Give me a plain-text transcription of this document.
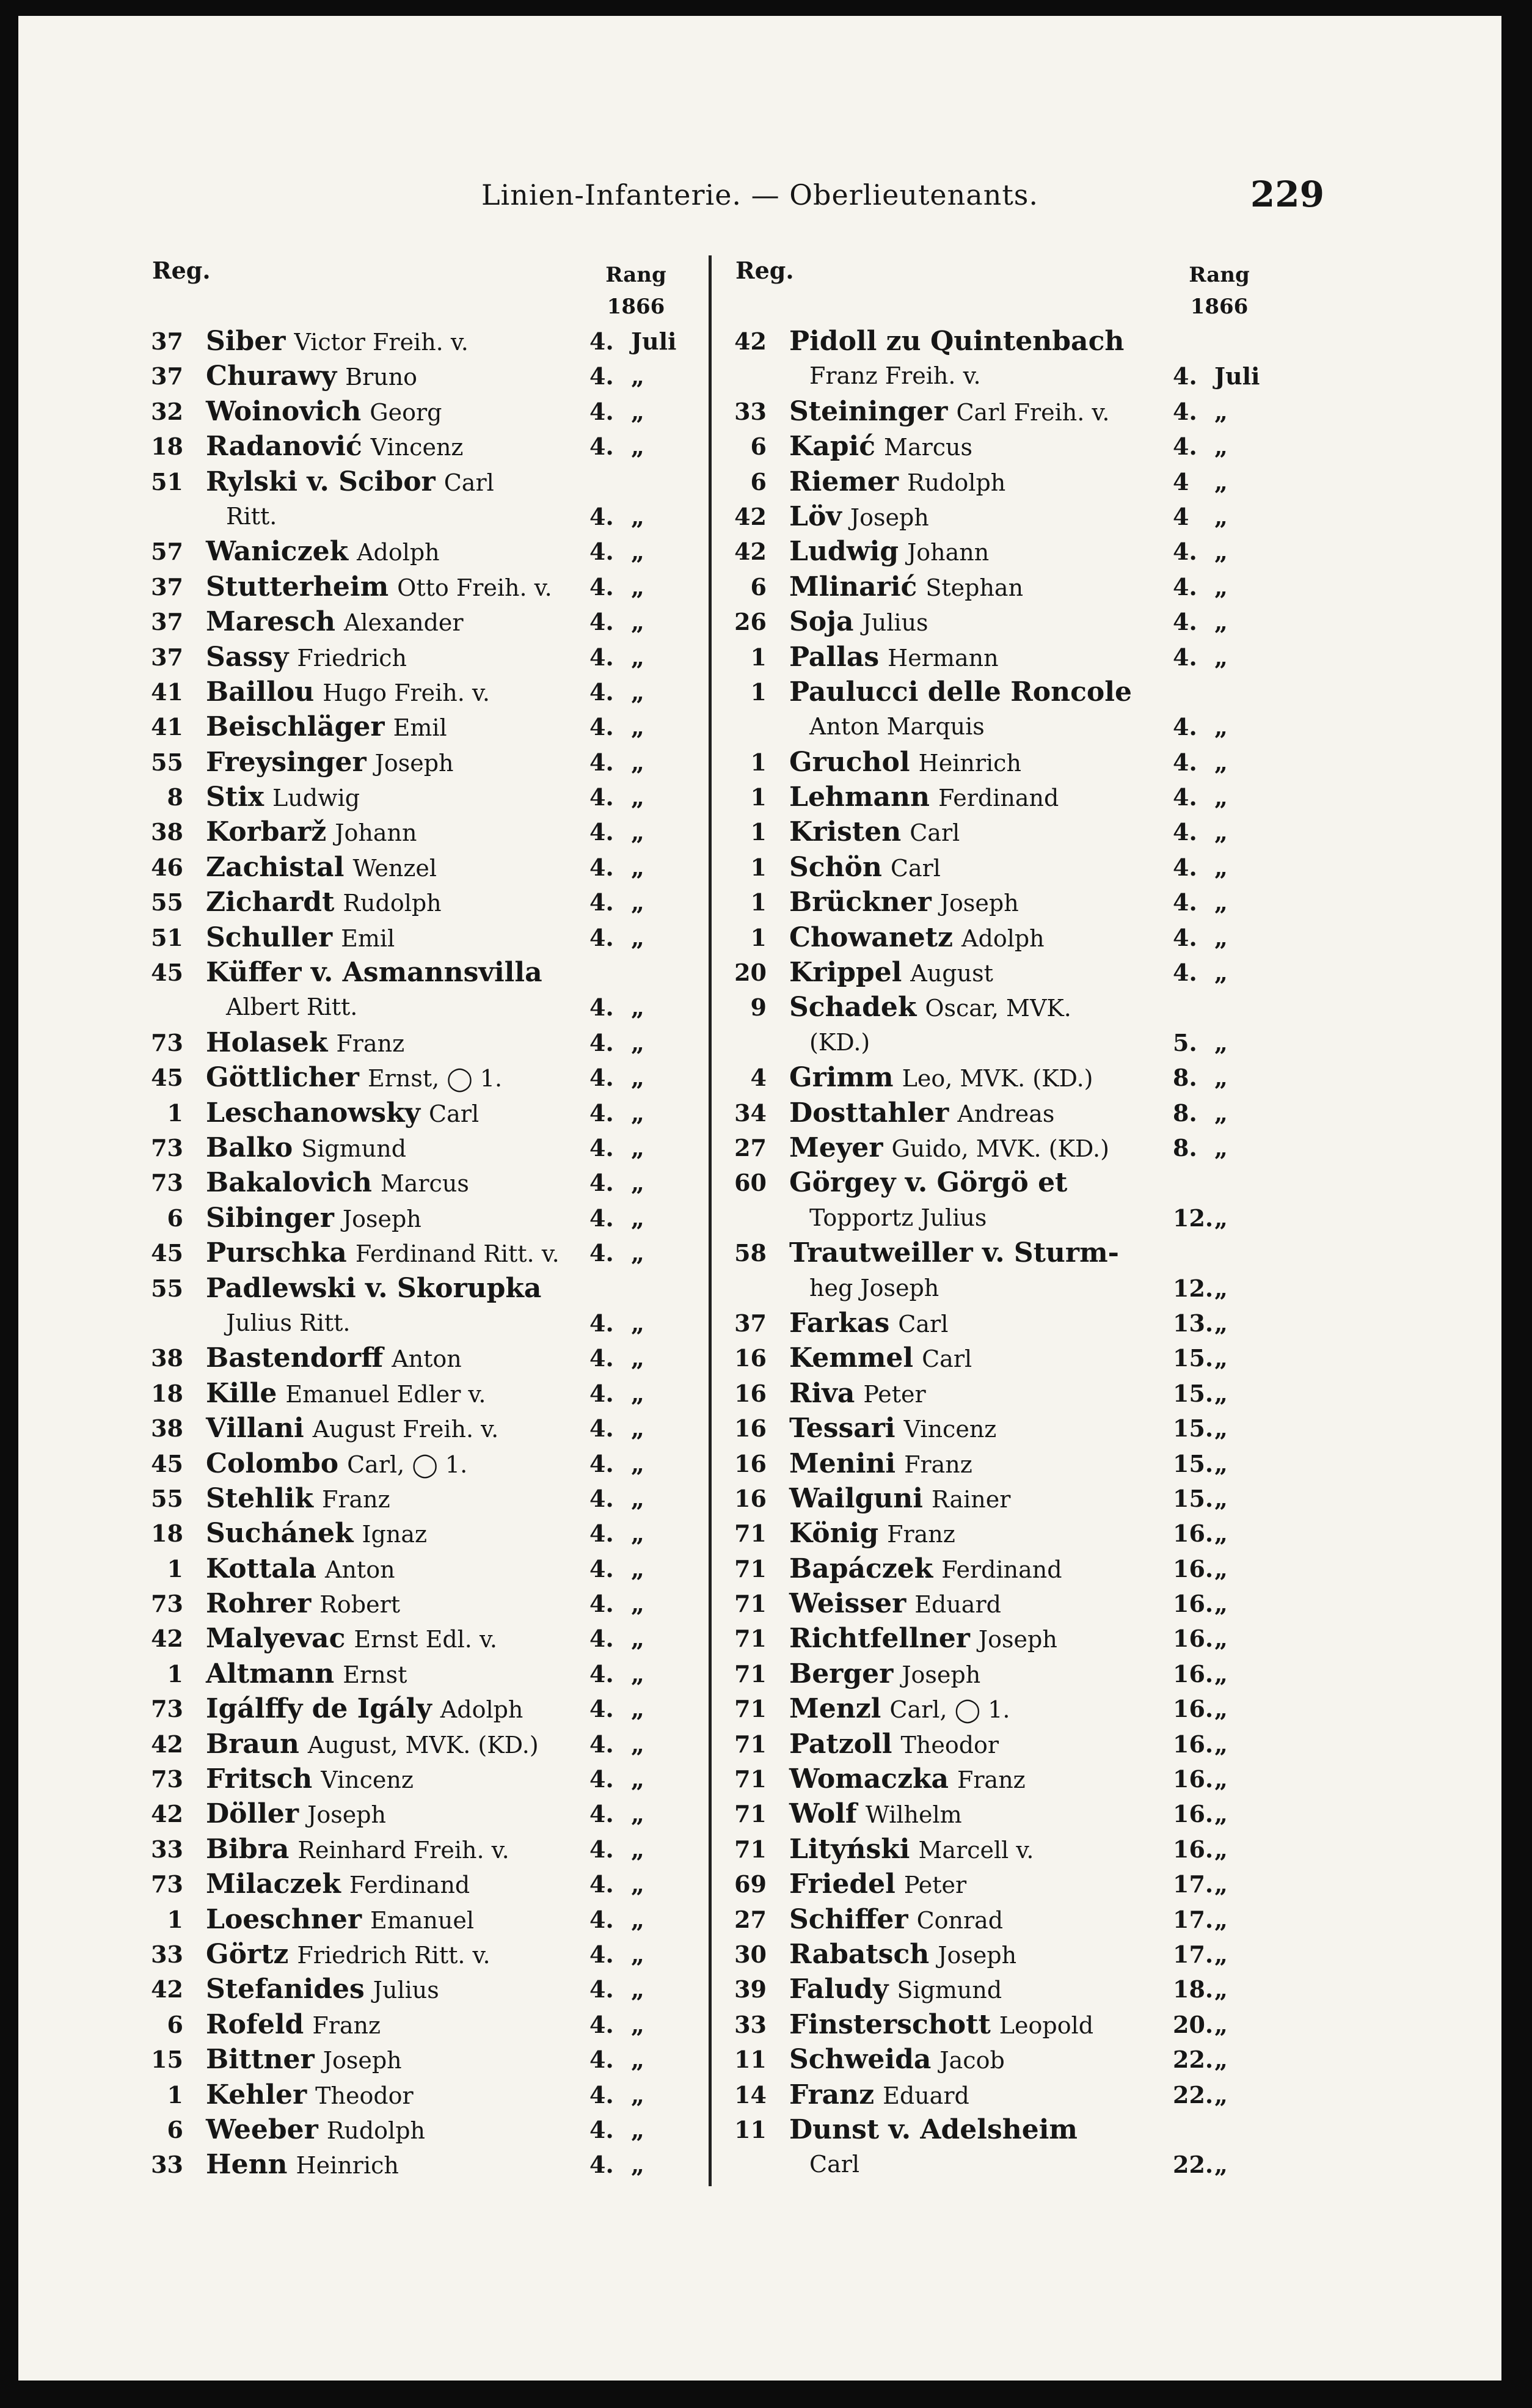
Linien-Infanterie. — Oberlieutenants.	229
Reg.	Rang
1866
37 Siber Victor Freih. v.	4. Juli
37 Churawy Bruno	4. „
32 Woinovich Georg	4. „
18 Radanović Vincenz	4. „
51 Rylski v. Scibor Carl
Ritt.	4. „
57 Waniczek Adolph	4. „
37 Stutterheim Otto Freih. v. 4. „
37 Maresch Alexander	4. „
37 Sassy Friedrich	4. „
41 Baillou Hugo Freih. v.	4. „
41 Beischläger Emil	4. „
55 Freysinger Joseph	4. „
8 Stix Ludwig	4. „
38 Korbarž Johann	4. „
46 Zachistal Wenzel	4. „
55 Zichardt Rudolph	4. „
51 Schuller Emil	4. „
45 Küffer v. Asmannsvilla
Albert Ritt.	4. „
73 Holasek Franz	4. „
45 Göttlicher Ernst, ◯ 1.	4. „
1 Leschanowsky Carl	4. „
73 Balko Sigmund	4. „
73 Bakalovich Marcus	4. „
6 Sibinger Joseph	4. „
45 Purschka Ferdinand Ritt. v. 4. „
55 Padlewski v. Skorupka
Julius Ritt.	4. „
38 Bastendorff Anton	4. „
18 Kille Emanuel Edler v.	4. „
38 Villani August Freih. v.	4. „
45 Colombo Carl, ◯ 1.	4. „
55 Stehlik Franz	4. „
18 Suchánek Ignaz	4. „
1 Kottala Anton	4. „
73 Rohrer Robert	4. „
42 Malyevac Ernst Edl. v.	4. „
1 Altmann Ernst	4. „
73 Igálffy de Igály Adolph	4. „
42 Braun August, MVK. (KD.) 4. „
73 Fritsch Vincenz	4. „
42 Döller Joseph	4. „
33 Bibra Reinhard Freih. v.	4. „
73 Milaczek Ferdinand	4. „
1 Loeschner Emanuel	4. „
33 Görtz Friedrich Ritt. v.	4. „
42 Stefanides Julius	4. „
6 Rofeld Franz	4. „
15 Bittner Joseph	4. „
1 Kehler Theodor	4. „
6 Weeber Rudolph	4. „
33 Henn Heinrich	4. „
Reg.	Rang
1866
42 Pidoll zu Quintenbach
Franz Freih. v.	4. Juli
33 Steininger Carl Freih. v.	4. „
6 Kapić Marcus	4. „
6 Riemer Rudolph	4 „
42 Löv Joseph	4 „
42 Ludwig Johann	4. „
6 Mlinarić Stephan	4. „
26 Soja Julius	4. „
1 Pallas Hermann	4. „
1 Paulucci delle Roncole
Anton Marquis	4. „
1 Gruchol Heinrich	4. „
1 Lehmann Ferdinand	4. „
1 Kristen Carl	4. „
1 Schön Carl	4. „
1 Brückner Joseph	4. „
1 Chowanetz Adolph	4. „
20 Krippel August	4. „
9 Schadek Oscar, MVK.
(KD.)	5. „
4 Grimm Leo, MVK. (KD.)	8. „
34 Dosttahler Andreas	8. „
27 Meyer Guido, MVK. (KD.)	8. „
60 Görgey v. Görgö et
Topportz Julius	12. „
58 Trautweiller v. Sturm-
heg Joseph	12. „
37 Farkas Carl	13. „
16 Kemmel Carl	15. „
16 Riva Peter	15. „
16 Tessari Vincenz	15. „
16 Menini Franz	15. „
16 Wailguni Rainer	15. „
71 König Franz	16. „
71 Bapáczek Ferdinand	16. „
71 Weisser Eduard	16. „
71 Richtfellner Joseph	16. „
71 Berger Joseph	16. „
71 Menzl Carl, ◯ 1.	16. „
71 Patzoll Theodor	16. „
71 Womaczka Franz	16. „
71 Wolf Wilhelm	16. „
71 Lityński Marcell v.	16. „
69 Friedel Peter	17. „
27 Schiffer Conrad	17. „
30 Rabatsch Joseph	17. „
39 Faludy Sigmund	18. „
33 Finsterschott Leopold	20. „
11 Schweida Jacob	22. „
14 Franz Eduard	22. „
11 Dunst v. Adelsheim
Carl	22. „
